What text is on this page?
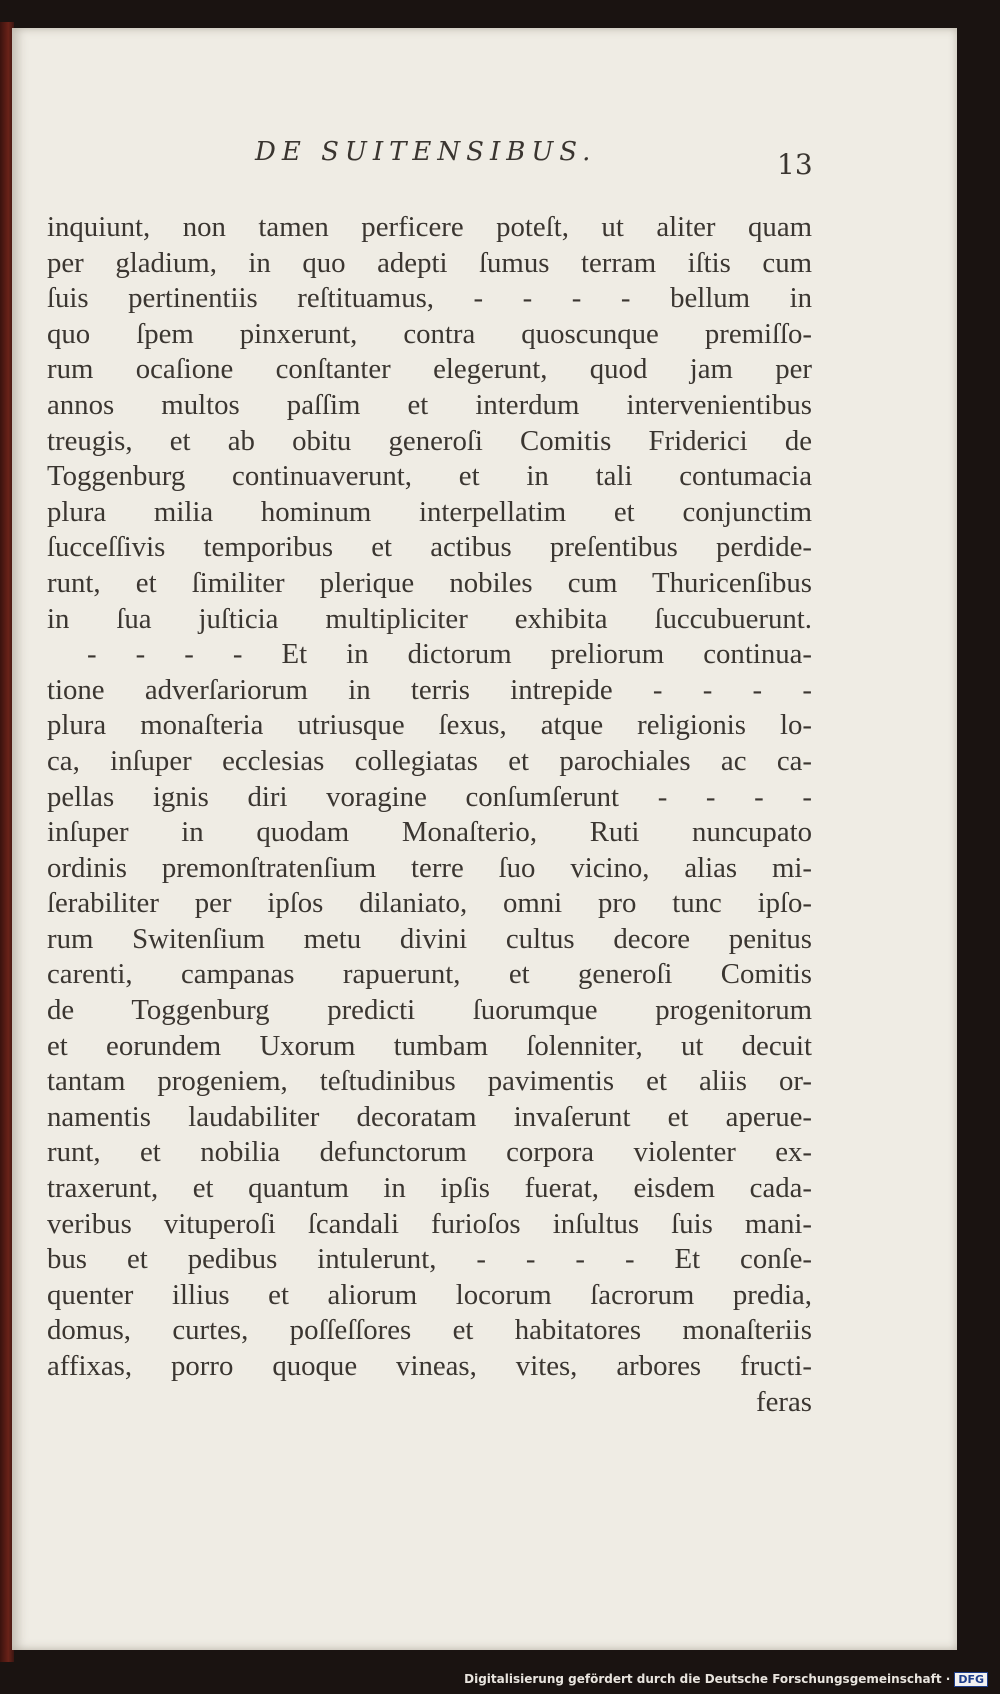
DE SUITENSIBUS.	13
inquiunt, non tamen perficere poteſt, ut aliter quam
per gladium, in quo adepti ſumus terram iſtis cum
ſuis pertinentiis reſtituamus, - - - - bellum in
quo ſpem pinxerunt, contra quoscunque premiſſo-
rum ocaſione conſtanter elegerunt, quod jam per
annos multos paſſim et interdum intervenientibus
treugis, et ab obitu generoſi Comitis Friderici de
Toggenburg continuaverunt, et in tali contumacia
plura milia hominum interpellatim et conjunctim
ſucceſſivis temporibus et actibus preſentibus perdide-
runt, et ſimiliter plerique nobiles cum Thuricenſibus
in ſua juſticia multipliciter exhibita ſuccubuerunt.
- - - - Et in dictorum preliorum continua-
tione adverſariorum in terris intrepide - - - -
plura monaſteria utriusque ſexus, atque religionis lo-
ca, inſuper ecclesias collegiatas et parochiales ac ca-
pellas ignis diri voragine conſumſerunt - - - -
inſuper in quodam Monaſterio, Ruti nuncupato
ordinis premonſtratenſium terre ſuo vicino, alias mi-
ſerabiliter per ipſos dilaniato, omni pro tunc ipſo-
rum Switenſium metu divini cultus decore penitus
carenti, campanas rapuerunt, et generoſi Comitis
de Toggenburg predicti ſuorumque progenitorum
et eorundem Uxorum tumbam ſolenniter, ut decuit
tantam progeniem, teſtudinibus pavimentis et aliis or-
namentis laudabiliter decoratam invaſerunt et aperue-
runt, et nobilia defunctorum corpora violenter ex-
traxerunt, et quantum in ipſis fuerat, eisdem cada-
veribus vituperoſi ſcandali furioſos inſultus ſuis mani-
bus et pedibus intulerunt, - - - - Et conſe-
quenter illius et aliorum locorum ſacrorum predia,
domus, curtes, poſſeſſores et habitatores monaſteriis
affixas, porro quoque vineas, vites, arbores fructi-
feras
Digitalisierung gefördert durch die Deutsche Forschungsgemeinschaft · DFG
